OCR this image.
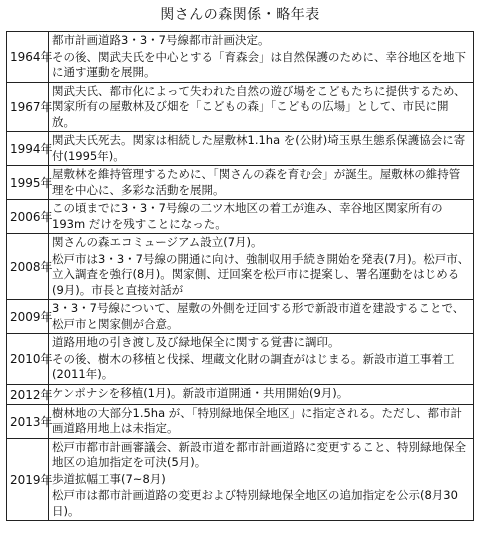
関さんの森関係・略年表
1964年	都市計画道路3・3・7号線都市計画決定。
その後、関武夫氏を中心とする「育森会」は自然保護のために、幸谷地区を地下に通す運動を展開。

1967年	関武夫氏、都市化によって失われた自然の遊び場をこどもたちに提供するため、関家所有の屋敷林及び畑を「こどもの森」「こどもの広場」として、市民に開放。

1994年	関武夫氏死去。関家は相続した屋敷林1.1ha を(公財)埼玉県生態系保護協会に寄付(1995年)。

1995年	屋敷林を維持管理するために、「関さんの森を育む会」が誕生。屋敷林の維持管理を中心に、多彩な活動を展開。

2006年	この頃までに3・3・7号線の二ツ木地区の着工が進み、幸谷地区関家所有の193m だけを残すことになった。

2008年	関さんの森エコミュージアム設立(7月)。
松戸市は3・3・7号線の開通に向け、強制収用手続き開始を発表(7月)。松戸市、立入調査を強行(8月)。関家側、迂回案を松戸市に提案し、署名運動をはじめる(9月)。市長と直接対話が

2009年	3・3・7号線について、屋敷の外側を迂回する形で新設市道を建設することで、松戸市と関家側が合意。

2010年	道路用地の引き渡し及び緑地保全に関する覚書に調印。
その後、樹木の移植と伐採、埋蔵文化財の調査がはじまる。新設市道工事着工(2011年)。

2012年	ケンポナシを移植(1月)。新設市道開通・共用開始(9月)。

2013年	樹林地の大部分1.5ha が、「特別緑地保全地区」に指定される。ただし、都市計画道路用地上は未指定。

2019年	松戸市都市計画審議会、新設市道を都市計画道路に変更すること、特別緑地保全地区の追加指定を可決(5月)。
歩道拡幅工事(7~8月)
松戸市は都市計画道路の変更および特別緑地保全地区の追加指定を公示(8月30日)。
